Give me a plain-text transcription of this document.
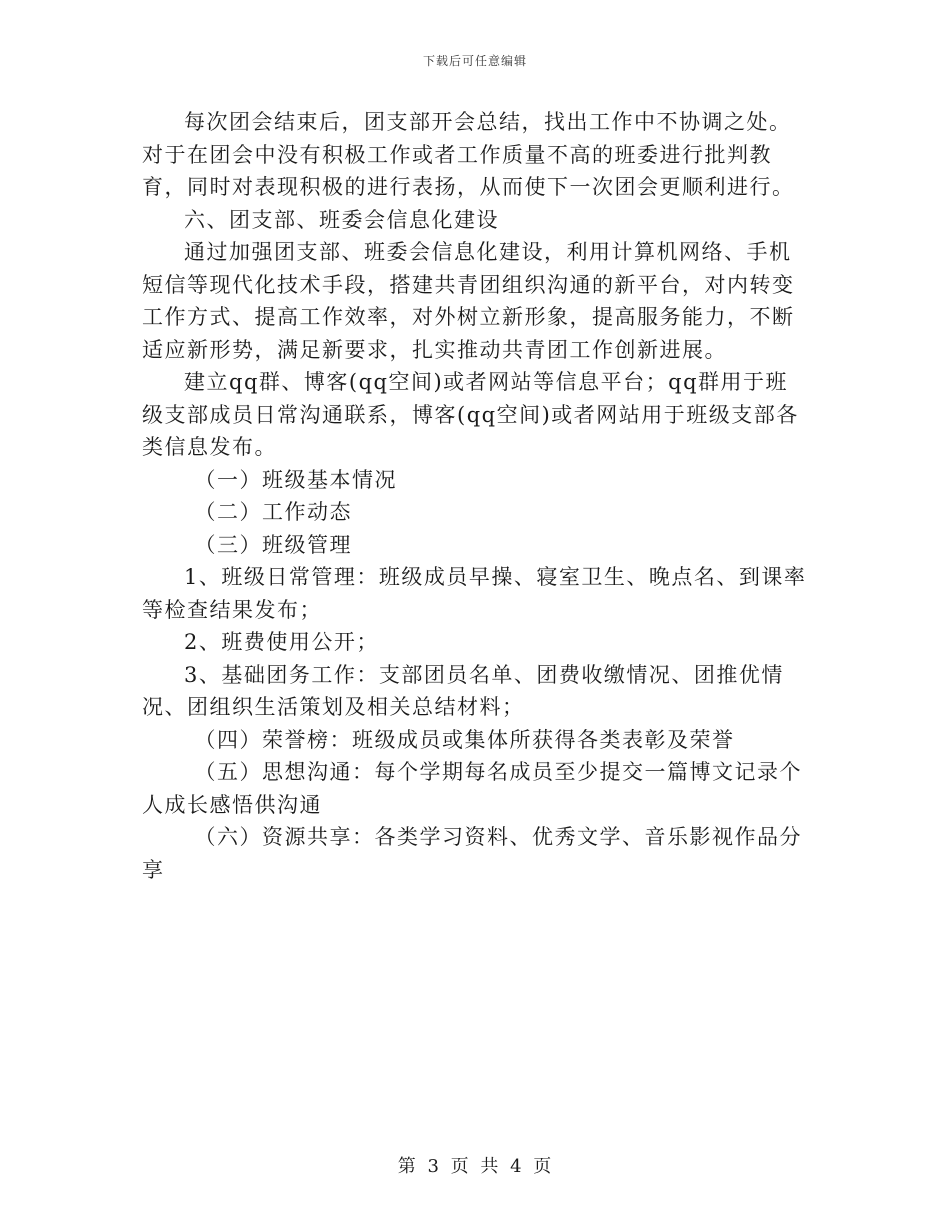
下载后可任意编辑

每次团会结束后，团支部开会总结，找出工作中不协调之处。对于在团会中没有积极工作或者工作质量不高的班委进行批判教育，同时对表现积极的进行表扬，从而使下一次团会更顺利进行。

六、团支部、班委会信息化建设

通过加强团支部、班委会信息化建设，利用计算机网络、手机短信等现代化技术手段，搭建共青团组织沟通的新平台，对内转变工作方式、提高工作效率，对外树立新形象，提高服务能力，不断适应新形势，满足新要求，扎实推动共青团工作创新进展。

建立qq群、博客(qq空间)或者网站等信息平台；qq群用于班级支部成员日常沟通联系，博客(qq空间)或者网站用于班级支部各类信息发布。

（一）班级基本情况

（二）工作动态

（三）班级管理

1、班级日常管理：班级成员早操、寝室卫生、晚点名、到课率等检查结果发布；

2、班费使用公开；

3、基础团务工作：支部团员名单、团费收缴情况、团推优情况、团组织生活策划及相关总结材料；

（四）荣誉榜：班级成员或集体所获得各类表彰及荣誉

（五）思想沟通：每个学期每名成员至少提交一篇博文记录个人成长感悟供沟通

（六）资源共享：各类学习资料、优秀文学、音乐影视作品分享

第 3 页 共 4 页
